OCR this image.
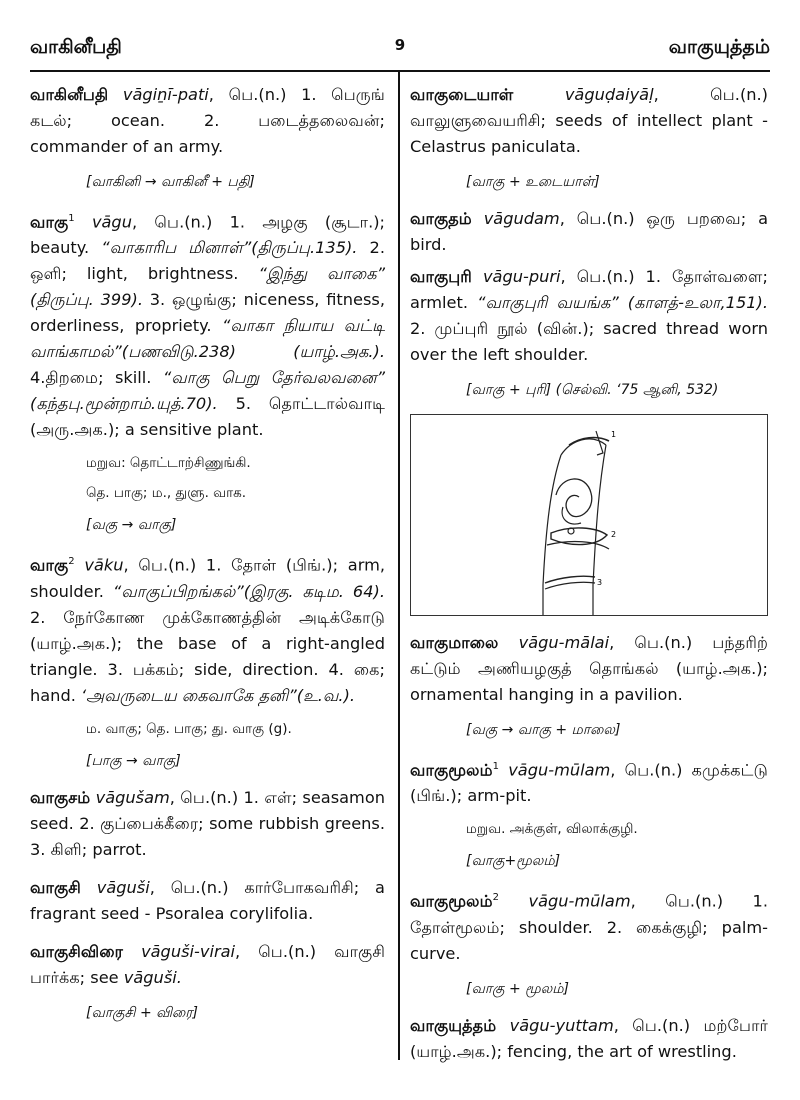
வாகினீபதி	9	வாகுயுத்தம்
வாகினீபதி vāgiṉī-pati, பெ.(n.) 1. பெருங் கடல்; ocean. 2. படைத்தலைவன்; commander of an army.
[வாகினி → வாகினீ + பதி]
வாகு$^1$ vāgu, பெ.(n.) 1. அழகு (சூடா.); beauty. “வாகாரிப மினாள்”(திருப்பு.135). 2. ஒளி; light, brightness. “இந்து வாகை” (திருப்பு. 399). 3. ஒழுங்கு; niceness, fitness, orderliness, propriety. “வாகா நியாய வட்டி வாங்காமல்”(பணவிடு.238) (யாழ்.அக.). 4.திறமை; skill. “வாகு பெறு தேர்வலவனை” (கந்தபு.மூன்றாம்.யுத்.70). 5. தொட்டால்வாடி (அரு.அக.); a sensitive plant.
மறுவ: தொட்டாற்சிணுங்கி.
தெ. பாகு; ம., துளு. வாக.
[வகு → வாகு]
வாகு$^2$ vāku, பெ.(n.) 1. தோள் (பிங்.); arm, shoulder. “வாகுப்பிறங்கல்”(இரகு. கடிம. 64). 2. நேர்கோண முக்கோணத்தின் அடிக்கோடு (யாழ்.அக.); the base of a right-angled triangle. 3. பக்கம்; side, direction. 4. கை; hand. ‘அவருடைய கைவாகே தனி”(உ.வ.).
ம. வாகு; தெ. பாகு; து. வாகு (g).
[பாகு → வாகு]
வாகுசம் vāgušam, பெ.(n.) 1. எள்; seasamon seed. 2. குப்பைக்கீரை; some rubbish greens. 3. கிளி; parrot.
வாகுசி vāguši, பெ.(n.) கார்போகவரிசி; a fragrant seed - Psoralea corylifolia.
வாகுசிவிரை vāguši-virai, பெ.(n.) வாகுசி பார்க்க; see vāguši.
[வாகுசி + விரை]
வாகுடையாள்	vāguḍaiyāḷ, பெ.(n.) வாலுளுவையரிசி; seeds of intellect plant - Celastrus paniculata.
[வாகு + உடையாள்]
வாகுதம் vāgudam, பெ.(n.) ஒரு பறவை; a bird.
வாகுபுரி vāgu-puri, பெ.(n.) 1. தோள்வளை; armlet. “வாகுபுரி வயங்க” (காளத்-உலா,151). 2. முப்புரி நூல் (வின்.); sacred thread worn over the left shoulder.
[வாகு + புரி] (செல்வி. ‘75 ஆனி, 532)
1
2
3
வாகுமாலை vāgu-mālai, பெ.(n.) பந்தரிற் கட்டும் அணியழகுத் தொங்கல் (யாழ்.அக.); ornamental hanging in a pavilion.
[வகு → வாகு + மாலை]
வாகுமூலம்$^1$ vāgu-mūlam, பெ.(n.) கமுக்கட்டு (பிங்.); arm-pit.
மறுவ. அக்குள், விலாக்குழி.
[வாகு+மூலம்]
வாகுமூலம்$^2$ vāgu-mūlam, பெ.(n.) 1. தோள்மூலம்; shoulder. 2. கைக்குழி; palm-curve.
[வாகு + மூலம்]
வாகுயுத்தம் vāgu-yuttam, பெ.(n.) மற்போர் (யாழ்.அக.); fencing, the art of wrestling.
